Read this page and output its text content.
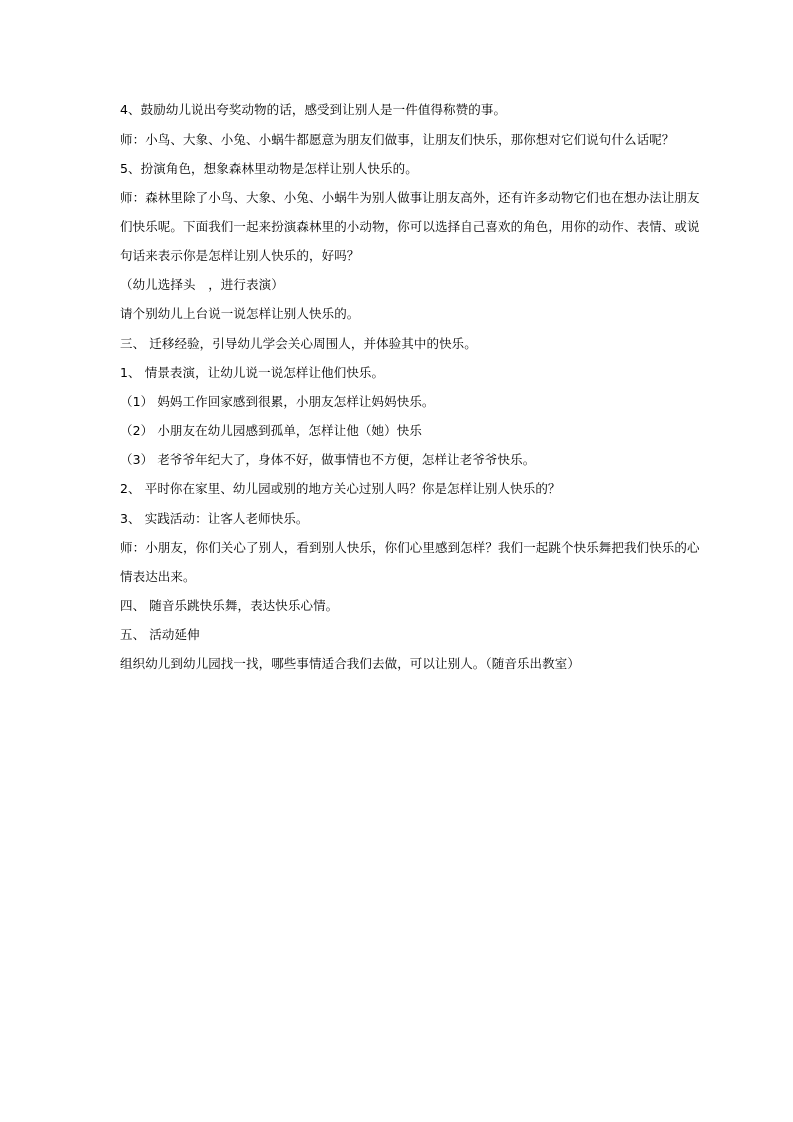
4、鼓励幼儿说出夸奖动物的话，感受到让别人是一件值得称赞的事。
师：小鸟、大象、小兔、小蜗牛都愿意为朋友们做事，让朋友们快乐，那你想对它们说句什么话呢？
5、扮演角色，想象森林里动物是怎样让别人快乐的。
师：森林里除了小鸟、大象、小兔、小蜗牛为别人做事让朋友高外，还有许多动物它们也在想办法让朋友
们快乐呢。下面我们一起来扮演森林里的小动物，你可以选择自己喜欢的角色，用你的动作、表情、或说
句话来表示你是怎样让别人快乐的，好吗？
（幼儿选择头　，进行表演）
请个别幼儿上台说一说怎样让别人快乐的。
三、 迁移经验，引导幼儿学会关心周围人，并体验其中的快乐。
1、 情景表演，让幼儿说一说怎样让他们快乐。
（1） 妈妈工作回家感到很累，小朋友怎样让妈妈快乐。
（2） 小朋友在幼儿园感到孤单，怎样让他（她）快乐
（3） 老爷爷年纪大了，身体不好，做事情也不方便，怎样让老爷爷快乐。
2、 平时你在家里、幼儿园或别的地方关心过别人吗？你是怎样让别人快乐的？
3、 实践活动：让客人老师快乐。
师：小朋友，你们关心了别人，看到别人快乐，你们心里感到怎样？我们一起跳个快乐舞把我们快乐的心
情表达出来。
四、 随音乐跳快乐舞，表达快乐心情。
五、 活动延伸
组织幼儿到幼儿园找一找，哪些事情适合我们去做，可以让别人。（随音乐出教室）
